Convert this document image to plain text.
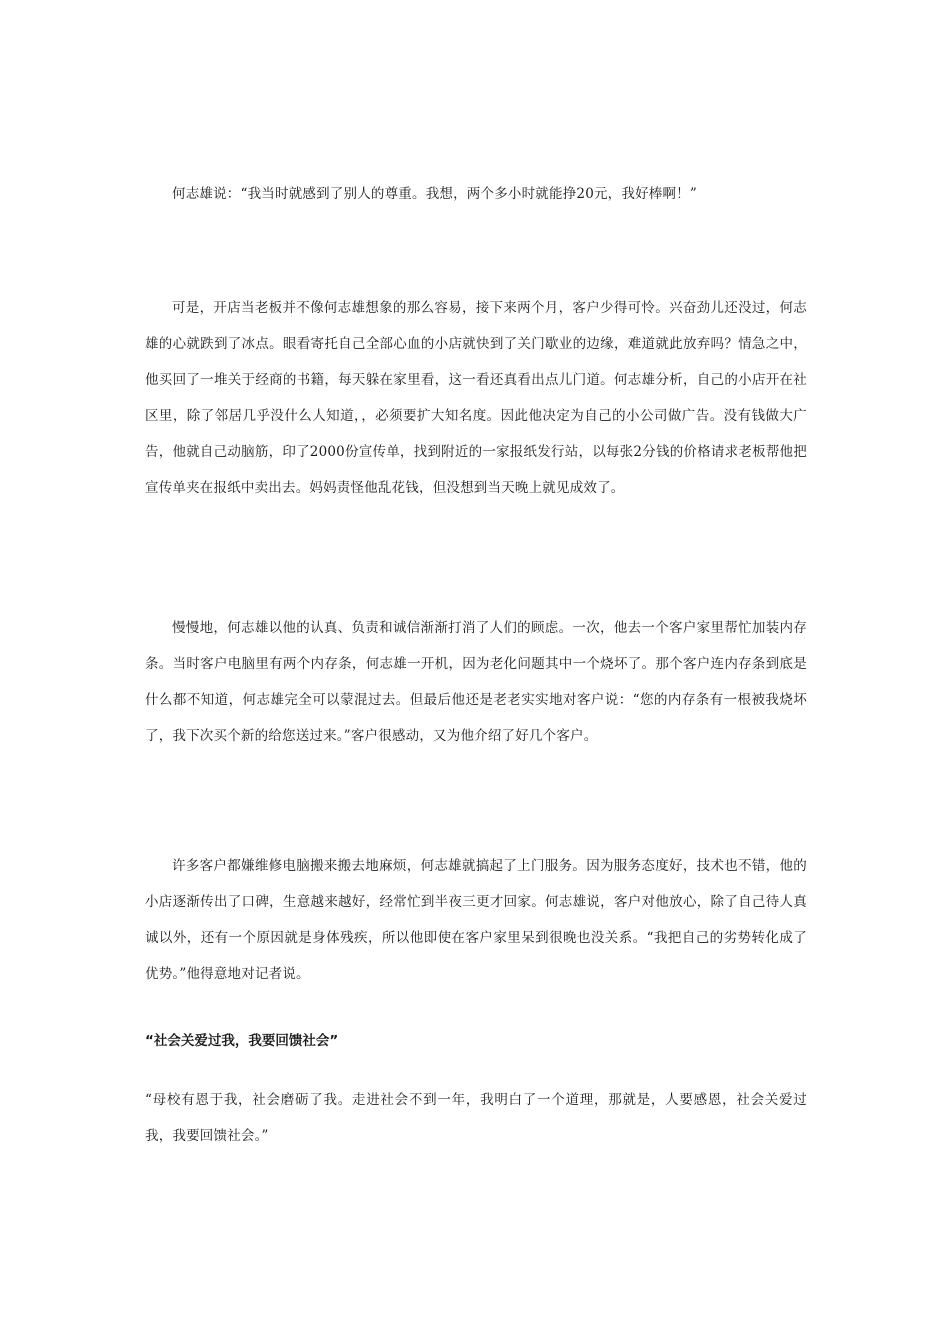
何志雄说：“我当时就感到了别人的尊重。我想，两个多小时就能挣20元，我好棒啊！”

可是，开店当老板并不像何志雄想象的那么容易，接下来两个月，客户少得可怜。兴奋劲儿还没过，何志雄的心就跌到了冰点。眼看寄托自己全部心血的小店就快到了关门歇业的边缘，难道就此放弃吗？情急之中，他买回了一堆关于经商的书籍，每天躲在家里看，这一看还真看出点儿门道。何志雄分析，自己的小店开在社区里，除了邻居几乎没什么人知道，，必须要扩大知名度。因此他决定为自己的小公司做广告。没有钱做大广告，他就自己动脑筋，印了2000份宣传单，找到附近的一家报纸发行站，以每张2分钱的价格请求老板帮他把宣传单夹在报纸中卖出去。妈妈责怪他乱花钱，但没想到当天晚上就见成效了。

慢慢地，何志雄以他的认真、负责和诚信渐渐打消了人们的顾虑。一次，他去一个客户家里帮忙加装内存条。当时客户电脑里有两个内存条，何志雄一开机，因为老化问题其中一个烧坏了。那个客户连内存条到底是什么都不知道，何志雄完全可以蒙混过去。但最后他还是老老实实地对客户说：“您的内存条有一根被我烧坏了，我下次买个新的给您送过来。”客户很感动，又为他介绍了好几个客户。

许多客户都嫌维修电脑搬来搬去地麻烦，何志雄就搞起了上门服务。因为服务态度好，技术也不错，他的小店逐渐传出了口碑，生意越来越好，经常忙到半夜三更才回家。何志雄说，客户对他放心，除了自己待人真诚以外，还有一个原因就是身体残疾，所以他即使在客户家里呆到很晚也没关系。“我把自己的劣势转化成了优势。”他得意地对记者说。

“社会关爱过我，我要回馈社会”

“母校有恩于我，社会磨砺了我。走进社会不到一年，我明白了一个道理，那就是，人要感恩，社会关爱过我，我要回馈社会。”
